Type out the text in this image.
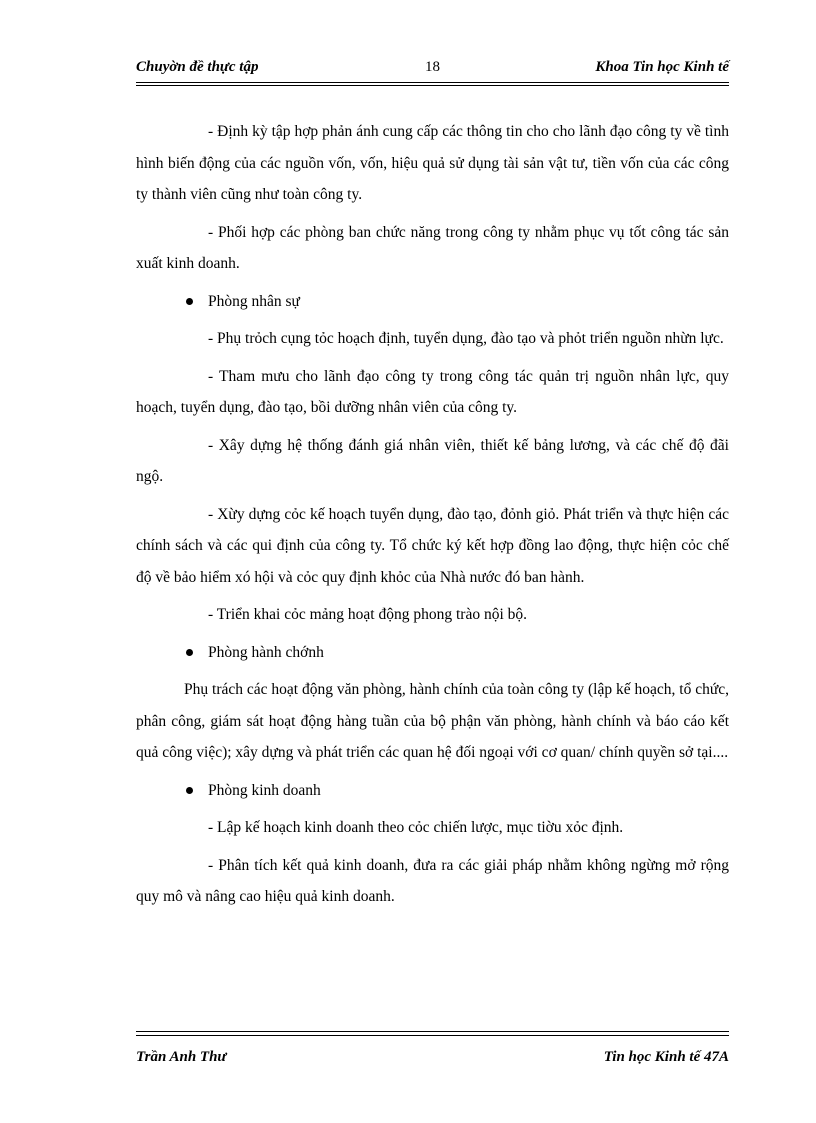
Chuyờn đề thực tập	18	Khoa Tin học Kinh tế

- Định kỳ tập hợp phản ánh cung cấp các thông tin cho cho lãnh đạo công ty về tình hình biến động của các nguồn vốn, vốn, hiệu quả sử dụng tài sản vật tư, tiền vốn của các công ty thành viên cũng như toàn công ty.

- Phối hợp các phòng ban chức năng trong công ty nhằm phục vụ tốt công tác sản xuất kinh doanh.

Phòng nhân sự

- Phụ trỏch cụng tỏc hoạch định, tuyển dụng, đào tạo và phỏt triển nguồn nhừn lực.

- Tham mưu cho lãnh đạo công ty trong công tác quản trị nguồn nhân lực, quy hoạch, tuyển dụng, đào tạo, bồi dưỡng nhân viên của công ty.

- Xây dựng hệ thống đánh giá nhân viên, thiết kế bảng lương, và các chế độ đãi ngộ.

- Xừy dựng cỏc kế hoạch tuyển dụng, đào tạo, đỏnh giỏ. Phát triển và thực hiện các chính sách và các qui định của công ty. Tổ chức ký kết hợp đồng lao động, thực hiện cỏc chế độ về bảo hiểm xó hội và cỏc quy định khỏc của Nhà nước đó ban hành.

- Triển khai cỏc mảng hoạt động phong trào nội bộ.

Phòng hành chớnh

Phụ trách các hoạt động văn phòng, hành chính của toàn công ty (lập kế hoạch, tổ chức, phân công, giám sát hoạt động hàng tuần của bộ phận văn phòng, hành chính và báo cáo kết quả công việc); xây dựng và phát triển các quan hệ đối ngoại với cơ quan/ chính quyền sở tại....

Phòng kinh doanh

- Lập kế hoạch kinh doanh theo cỏc chiến lược, mục tiờu xỏc định.

- Phân tích kết quả kinh doanh, đưa ra các giải pháp nhằm không ngừng mở rộng quy mô và nâng cao hiệu quả kinh doanh.

Trần Anh Thư	Tin học Kinh tế 47A
